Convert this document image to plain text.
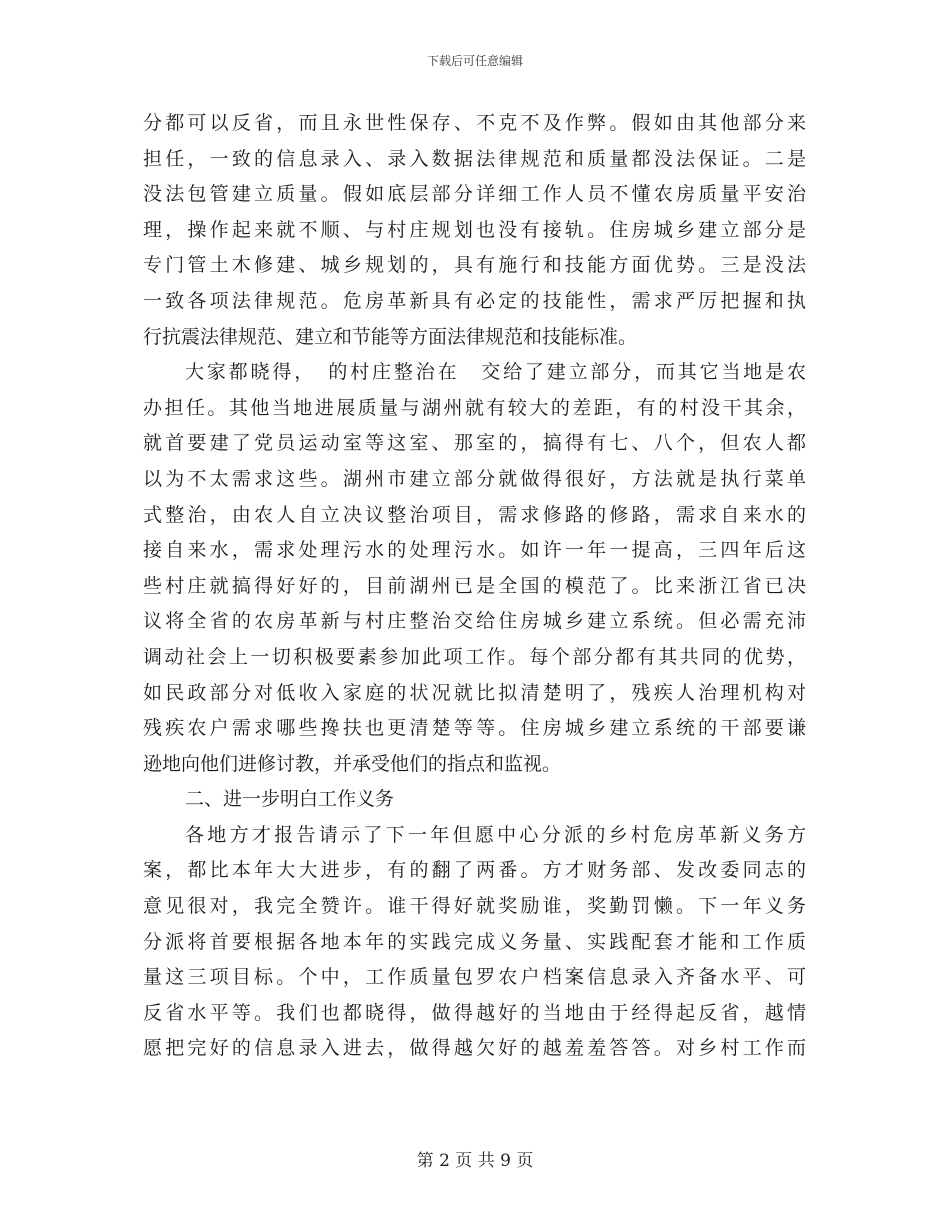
下载后可任意编辑
分都可以反省，而且永世性保存、不克不及作弊。假如由其他部分来
担任，一致的信息录入、录入数据法律规范和质量都没法保证。二是
没法包管建立质量。假如底层部分详细工作人员不懂农房质量平安治
理，操作起来就不顺、与村庄规划也没有接轨。住房城乡建立部分是
专门管土木修建、城乡规划的，具有施行和技能方面优势。三是没法
一致各项法律规范。危房革新具有必定的技能性，需求严厉把握和执
行抗震法律规范、建立和节能等方面法律规范和技能标准。
大家都晓得，　的村庄整治在　交给了建立部分，而其它当地是农
办担任。其他当地进展质量与湖州就有较大的差距，有的村没干其余，
就首要建了党员运动室等这室、那室的，搞得有七、八个，但农人都
以为不太需求这些。湖州市建立部分就做得很好，方法就是执行菜单
式整治，由农人自立决议整治项目，需求修路的修路，需求自来水的
接自来水，需求处理污水的处理污水。如许一年一提高，三四年后这
些村庄就搞得好好的，目前湖州已是全国的模范了。比来浙江省已决
议将全省的农房革新与村庄整治交给住房城乡建立系统。但必需充沛
调动社会上一切积极要素参加此项工作。每个部分都有其共同的优势，
如民政部分对低收入家庭的状况就比拟清楚明了，残疾人治理机构对
残疾农户需求哪些搀扶也更清楚等等。住房城乡建立系统的干部要谦
逊地向他们进修讨教，并承受他们的指点和监视。
二、进一步明白工作义务
各地方才报告请示了下一年但愿中心分派的乡村危房革新义务方
案，都比本年大大进步，有的翻了两番。方才财务部、发改委同志的
意见很对，我完全赞许。谁干得好就奖励谁，奖勤罚懒。下一年义务
分派将首要根据各地本年的实践完成义务量、实践配套才能和工作质
量这三项目标。个中，工作质量包罗农户档案信息录入齐备水平、可
反省水平等。我们也都晓得，做得越好的当地由于经得起反省，越情
愿把完好的信息录入进去，做得越欠好的越羞羞答答。对乡村工作而
第 2 页 共 9 页
